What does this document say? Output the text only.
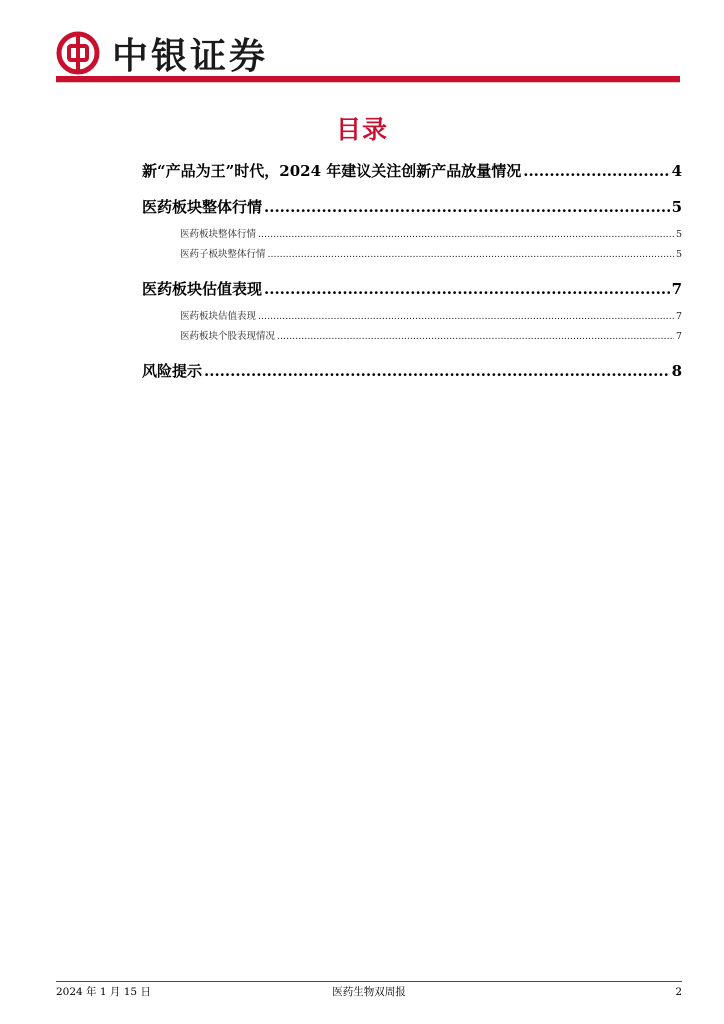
中银证券
目录
新“产品为王”时代，2024 年建议关注创新产品放量情况 .....	4
医药板块整体行情 .....	5
医药板块整体行情 .....	5
医药子板块整体行情 .....	5
医药板块估值表现 .....	7
医药板块估值表现 .....	7
医药板块个股表现情况 .....	7
风险提示 .....	8
2024 年 1 月 15 日	医药生物双周报	2
